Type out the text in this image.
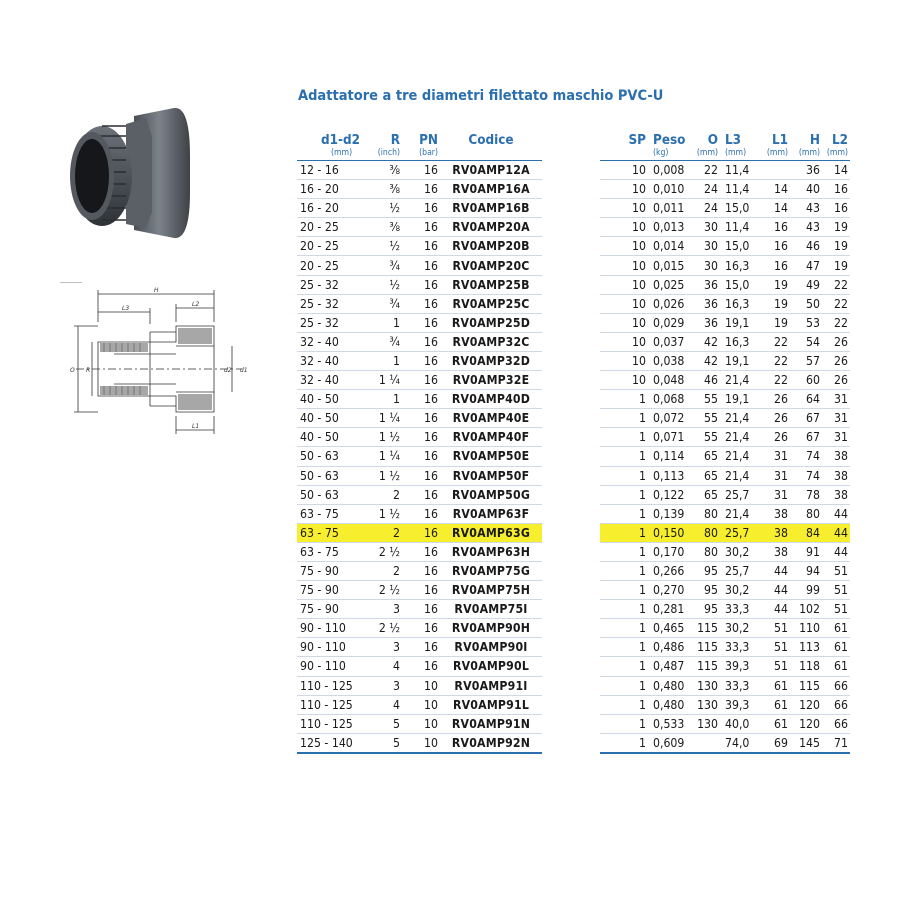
H
L3
L2
O R	d2 d1
L1
Adattatore a tre diametri filettato maschio PVC-U
d1-d2	R	PN	Codice		SP	Peso	O	L3	L1	H	L2
(mm)	(inch)	(bar)				(kg)	(mm)	(mm)	(mm)	(mm)	(mm)
12 - 16	⅜	16	RV0AMP12A		10	0,008	22	11,4		36	14
16 - 20	⅜	16	RV0AMP16A		10	0,010	24	11,4	14	40	16
16 - 20	½	16	RV0AMP16B		10	0,011	24	15,0	14	43	16
20 - 25	⅜	16	RV0AMP20A		10	0,013	30	11,4	16	43	19
20 - 25	½	16	RV0AMP20B		10	0,014	30	15,0	16	46	19
20 - 25	¾	16	RV0AMP20C		10	0,015	30	16,3	16	47	19
25 - 32	½	16	RV0AMP25B		10	0,025	36	15,0	19	49	22
25 - 32	¾	16	RV0AMP25C		10	0,026	36	16,3	19	50	22
25 - 32	1	16	RV0AMP25D		10	0,029	36	19,1	19	53	22
32 - 40	¾	16	RV0AMP32C		10	0,037	42	16,3	22	54	26
32 - 40	1	16	RV0AMP32D		10	0,038	42	19,1	22	57	26
32 - 40	1 ¼	16	RV0AMP32E		10	0,048	46	21,4	22	60	26
40 - 50	1	16	RV0AMP40D		1	0,068	55	19,1	26	64	31
40 - 50	1 ¼	16	RV0AMP40E		1	0,072	55	21,4	26	67	31
40 - 50	1 ½	16	RV0AMP40F		1	0,071	55	21,4	26	67	31
50 - 63	1 ¼	16	RV0AMP50E		1	0,114	65	21,4	31	74	38
50 - 63	1 ½	16	RV0AMP50F		1	0,113	65	21,4	31	74	38
50 - 63	2	16	RV0AMP50G		1	0,122	65	25,7	31	78	38
63 - 75	1 ½	16	RV0AMP63F		1	0,139	80	21,4	38	80	44
63 - 75	2	16	RV0AMP63G		1	0,150	80	25,7	38	84	44
63 - 75	2 ½	16	RV0AMP63H		1	0,170	80	30,2	38	91	44
75 - 90	2	16	RV0AMP75G		1	0,266	95	25,7	44	94	51
75 - 90	2 ½	16	RV0AMP75H		1	0,270	95	30,2	44	99	51
75 - 90	3	16	RV0AMP75I		1	0,281	95	33,3	44	102	51
90 - 110	2 ½	16	RV0AMP90H		1	0,465	115	30,2	51	110	61
90 - 110	3	16	RV0AMP90I		1	0,486	115	33,3	51	113	61
90 - 110	4	16	RV0AMP90L		1	0,487	115	39,3	51	118	61
110 - 125	3	10	RV0AMP91I		1	0,480	130	33,3	61	115	66
110 - 125	4	10	RV0AMP91L		1	0,480	130	39,3	61	120	66
110 - 125	5	10	RV0AMP91N		1	0,533	130	40,0	61	120	66
125 - 140	5	10	RV0AMP92N		1	0,609		74,0	69	145	71
